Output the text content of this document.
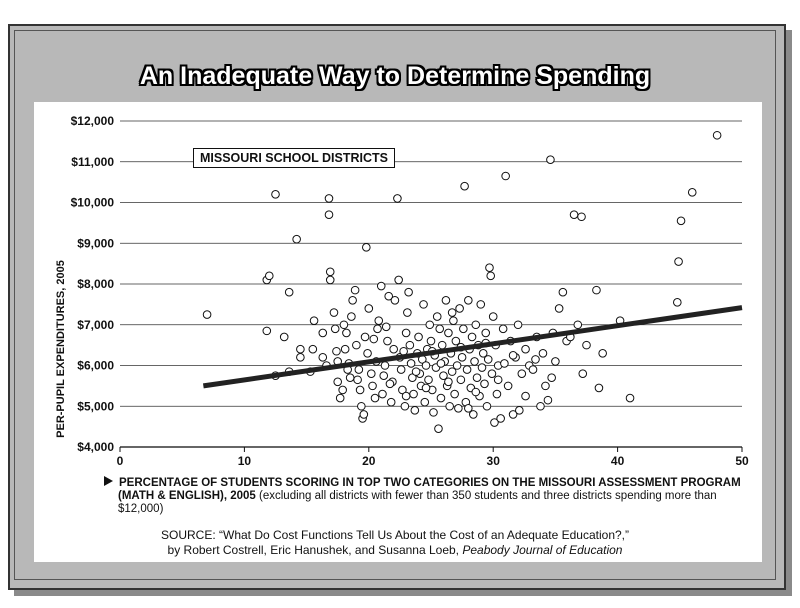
An Inadequate Way to Determine Spending
$4,000
$5,000
$6,000
$7,000
$8,000
$9,000
$10,000
$11,000
$12,000
0	10	20	30	40	50
PER-PUPIL EXPENDITURES, 2005
MISSOURI SCHOOL DISTRICTS
PERCENTAGE OF STUDENTS SCORING IN TOP TWO CATEGORIES ON THE MISSOURI ASSESSMENT PROGRAM (MATH & ENGLISH), 2005 (excluding all districts with fewer than 350 students and three districts spending more than $12,000)
SOURCE: “What Do Cost Functions Tell Us About the Cost of an Adequate Education?,”
by Robert Costrell, Eric Hanushek, and Susanna Loeb, Peabody Journal of Education
